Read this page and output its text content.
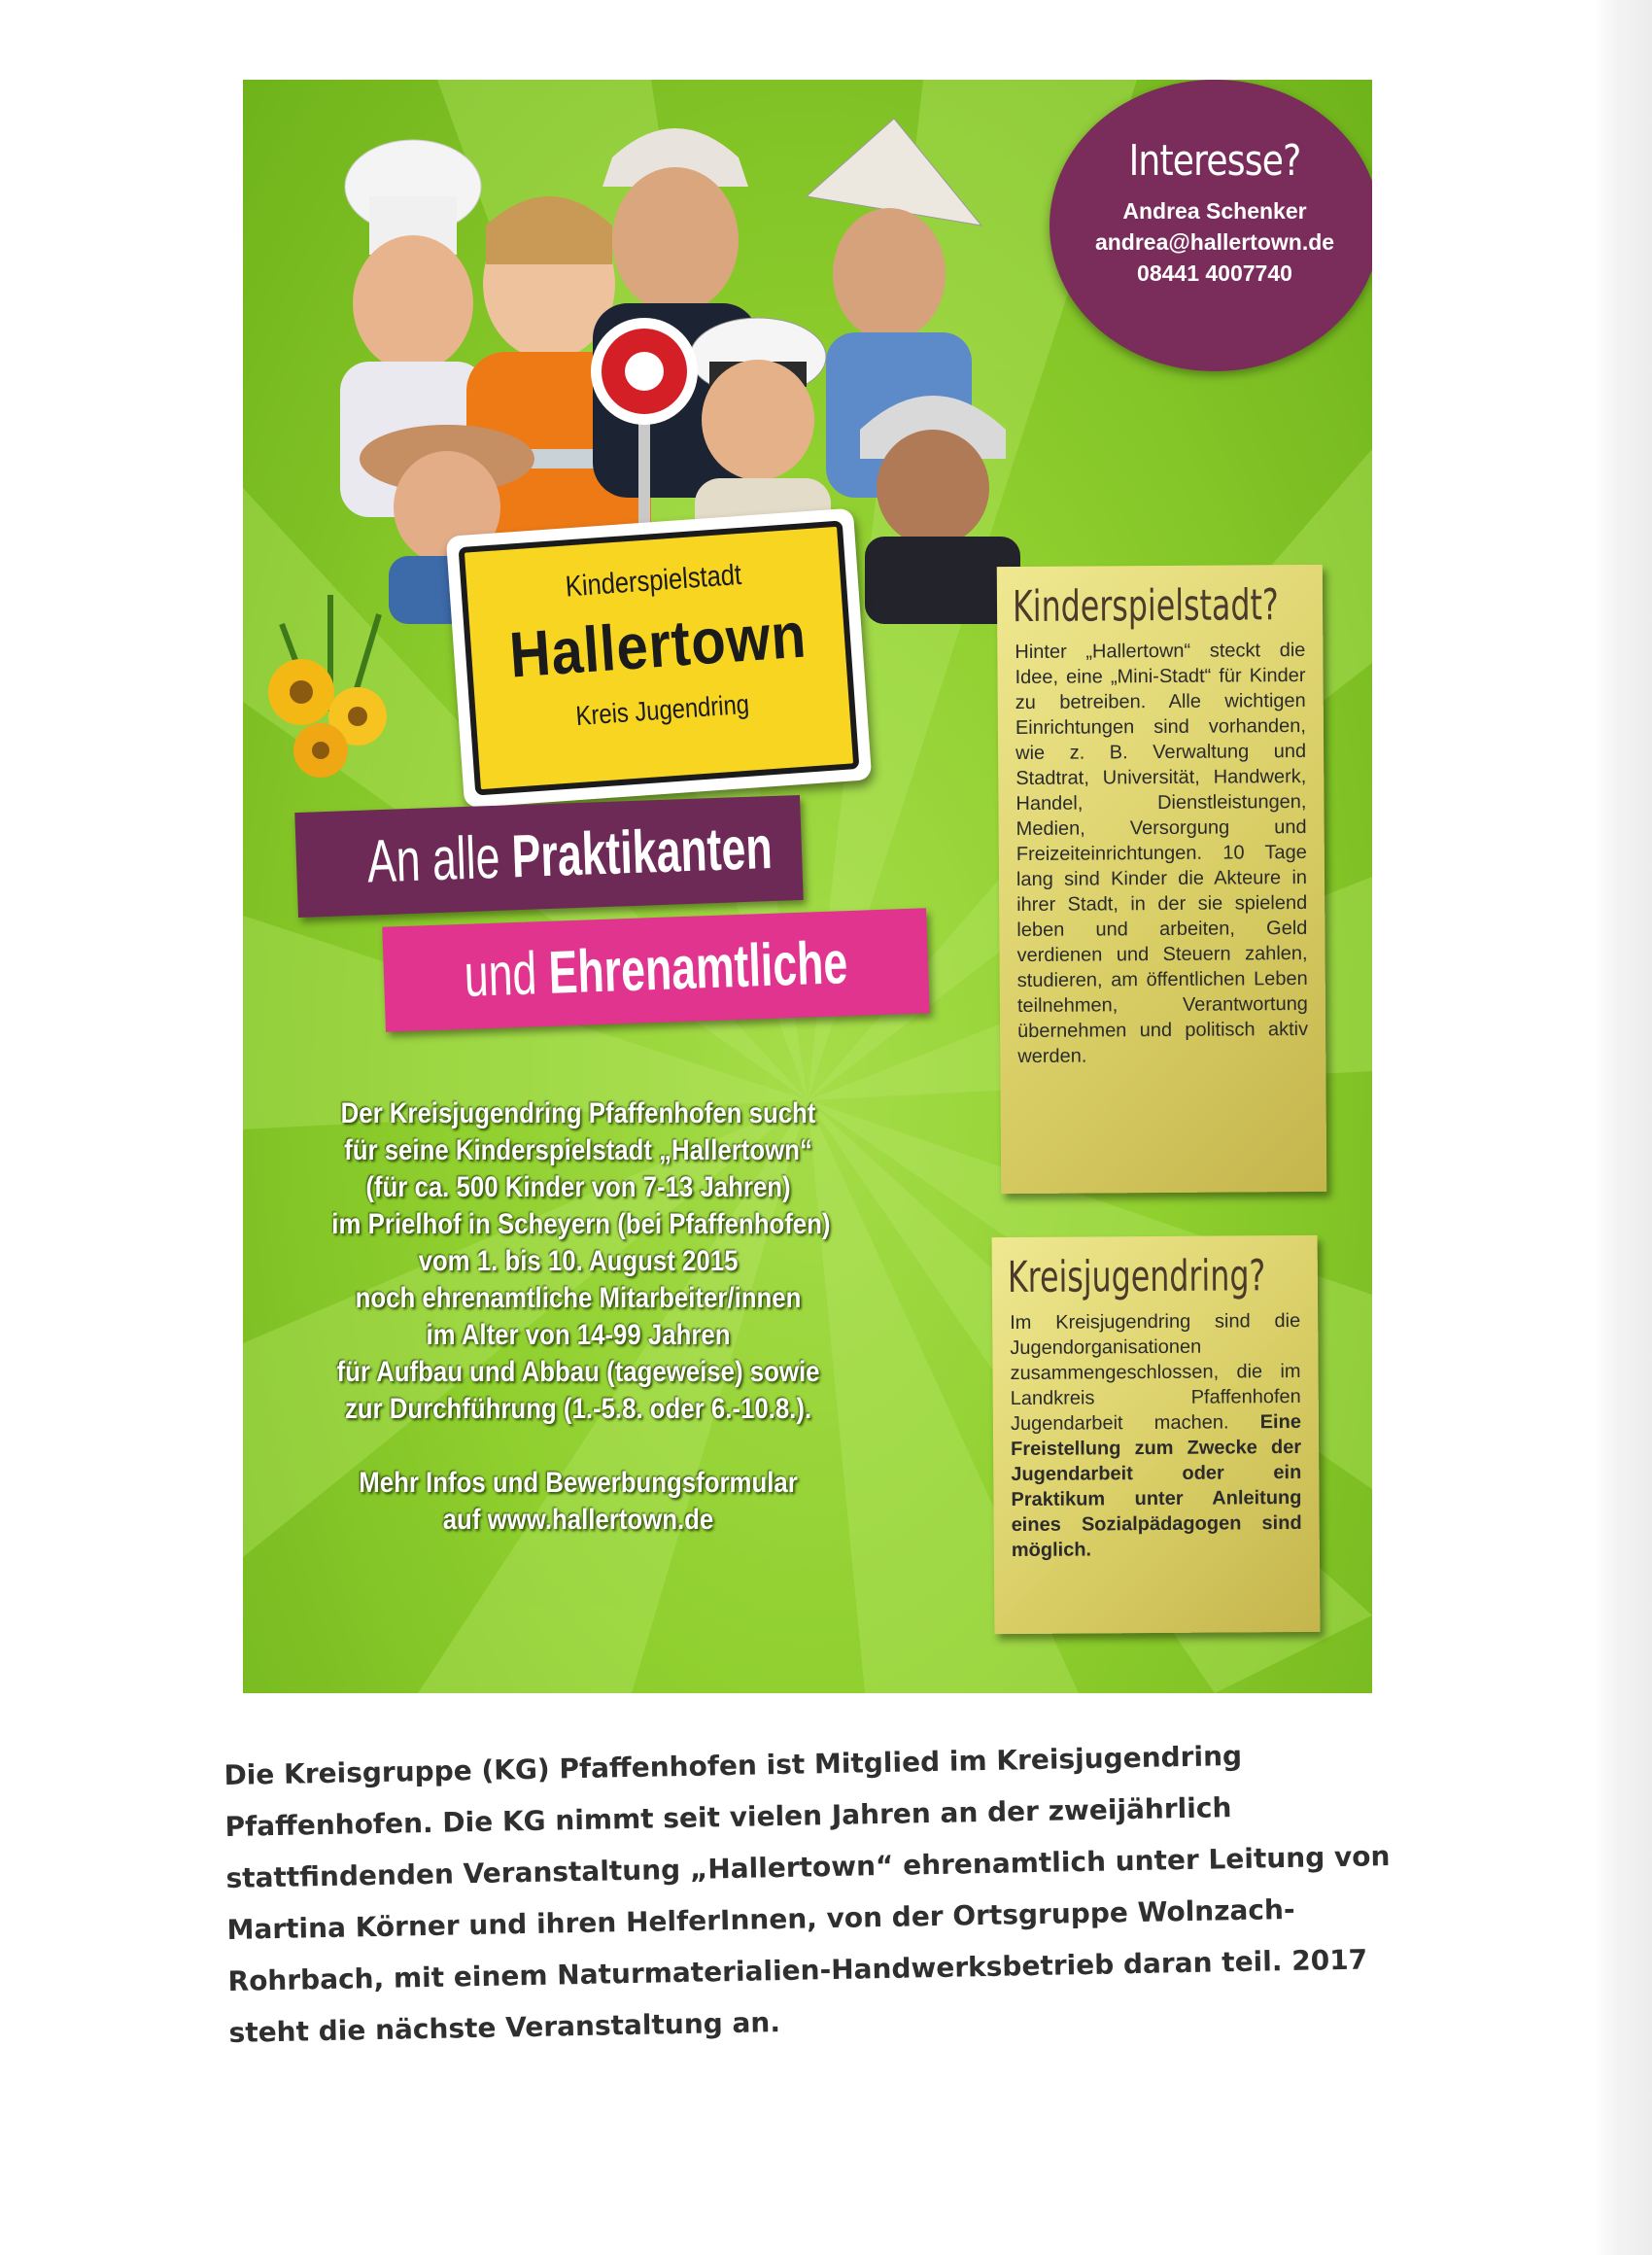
Interesse?
Andrea Schenker
andrea@hallertown.de
08441 4007740
Kinderspielstadt
Hallertown
Kreis Jugendring
An alle Praktikanten
und Ehrenamtliche
Der Kreisjugendring Pfaffenhofen sucht
für seine Kinderspielstadt „Hallertown“
(für ca. 500 Kinder von 7-13 Jahren)
im Prielhof in Scheyern (bei Pfaffenhofen)
vom 1. bis 10. August 2015
noch ehrenamtliche Mitarbeiter/innen
im Alter von 14-99 Jahren
für Aufbau und Abbau (tageweise) sowie
zur Durchführung (1.-5.8. oder 6.-10.8.).
Mehr Infos und Bewerbungsformular
auf www.hallertown.de
Kinderspielstadt?
Hinter „Hallertown“ steckt die Idee, eine „Mini-Stadt“ für Kinder zu betreiben. Alle wichtigen Einrichtungen sind vorhanden, wie z. B. Verwaltung und Stadtrat, Universität, Handwerk, Handel, Dienstleistungen, Medien, Versorgung und Freizeiteinrichtungen. 10 Tage lang sind Kinder die Akteure in ihrer Stadt, in der sie spielend leben und arbeiten, Geld verdienen und Steuern zahlen, studieren, am öffentlichen Leben teilnehmen, Verantwortung übernehmen und politisch aktiv werden.
Kreisjugendring?
Im Kreisjugendring sind die Jugendorganisationen zusammengeschlossen, die im Landkreis Pfaffenhofen Jugendarbeit machen. Eine Freistellung zum Zwecke der Jugendarbeit oder ein Praktikum unter Anleitung eines Sozialpädagogen sind möglich.
Die Kreisgruppe (KG) Pfaffenhofen ist Mitglied im Kreisjugendring
Pfaffenhofen. Die KG nimmt seit vielen Jahren an der zweijährlich
stattfindenden Veranstaltung „Hallertown“ ehrenamtlich unter Leitung von
Martina Körner und ihren HelferInnen, von der Ortsgruppe Wolnzach-
Rohrbach, mit einem Naturmaterialien-Handwerksbetrieb daran teil. 2017
steht die nächste Veranstaltung an.
